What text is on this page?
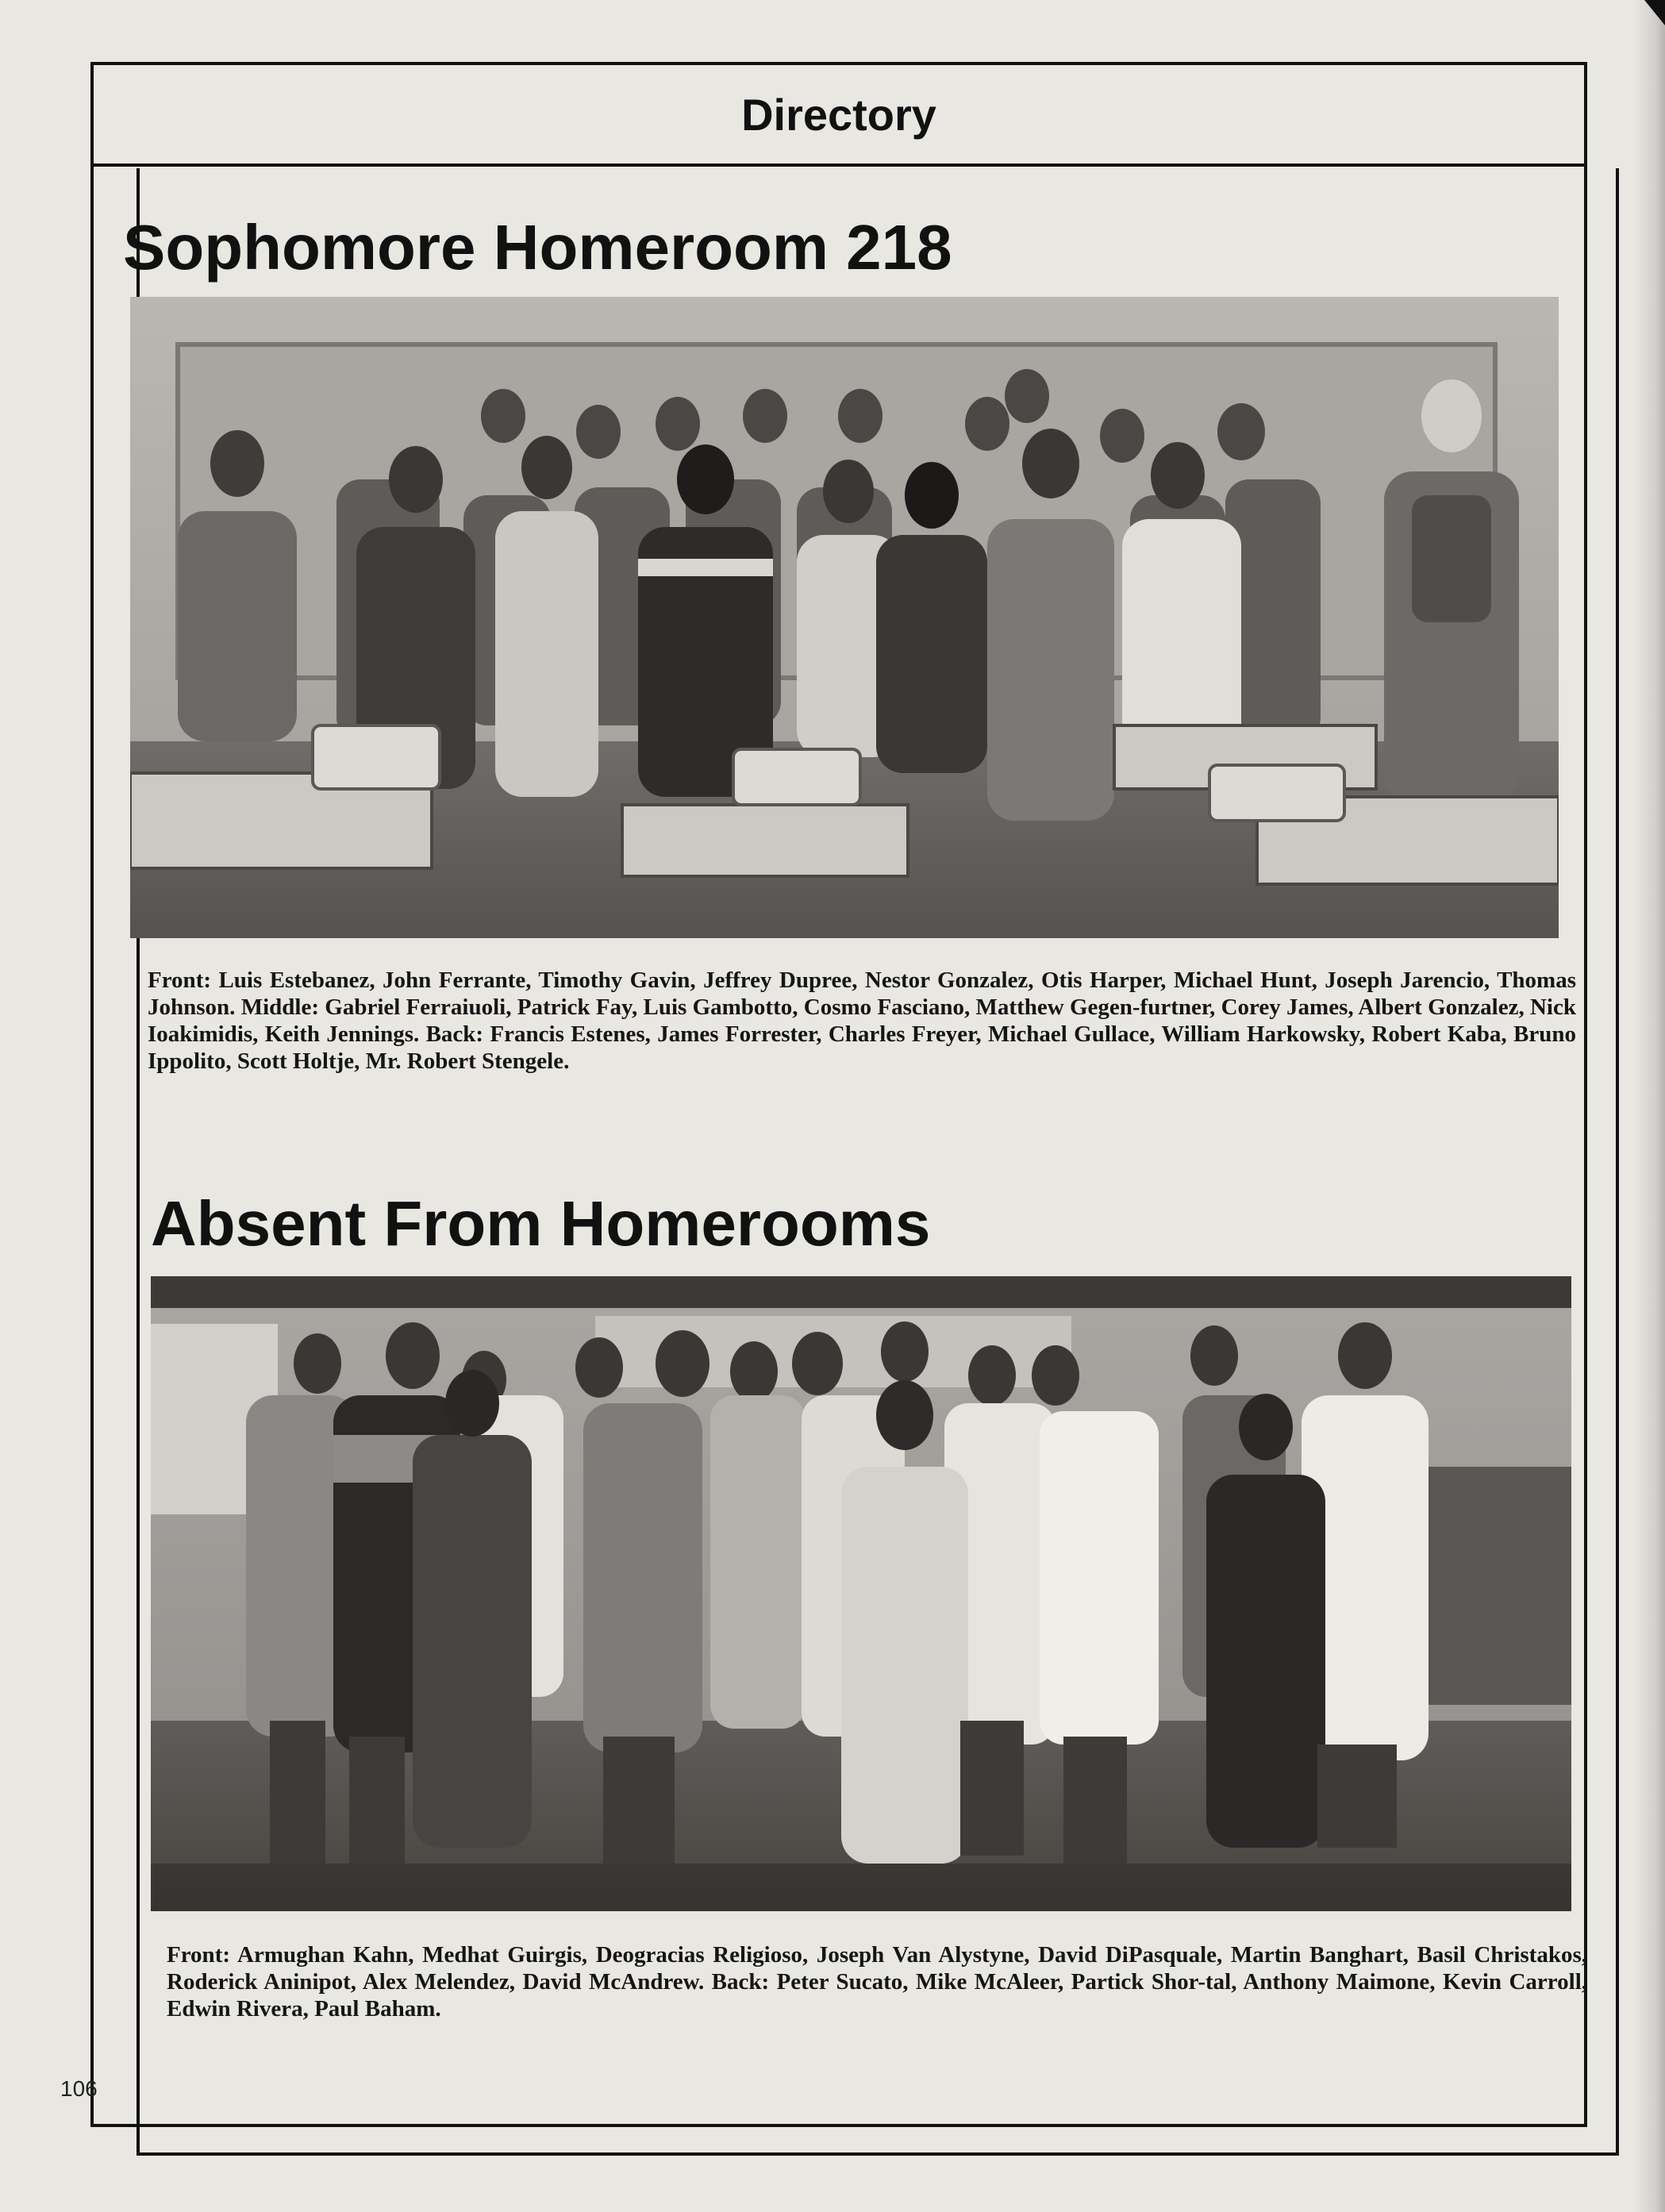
Directory
Sophomore Homeroom 218

Front: Luis Estebanez, John Ferrante, Timothy Gavin, Jeffrey Dupree, Nestor Gonzalez, Otis Harper, Michael Hunt, Joseph Jarencio, Thomas Johnson. Middle: Gabriel Ferraiuoli, Patrick Fay, Luis Gambotto, Cosmo Fasciano, Matthew Gegen-furtner, Corey James, Albert Gonzalez, Nick Ioakimidis, Keith Jennings. Back: Francis Estenes, James Forrester, Charles Freyer, Michael Gullace, William Harkowsky, Robert Kaba, Bruno Ippolito, Scott Holtje, Mr. Robert Stengele.

Absent From Homerooms

Front: Armughan Kahn, Medhat Guirgis, Deogracias Religioso, Joseph Van Alystyne, David DiPasquale, Martin Banghart, Basil Christakos, Roderick Aninipot, Alex Melendez, David McAndrew. Back: Peter Sucato, Mike McAleer, Partick Shor-tal, Anthony Maimone, Kevin Carroll, Edwin Rivera, Paul Baham.

106
